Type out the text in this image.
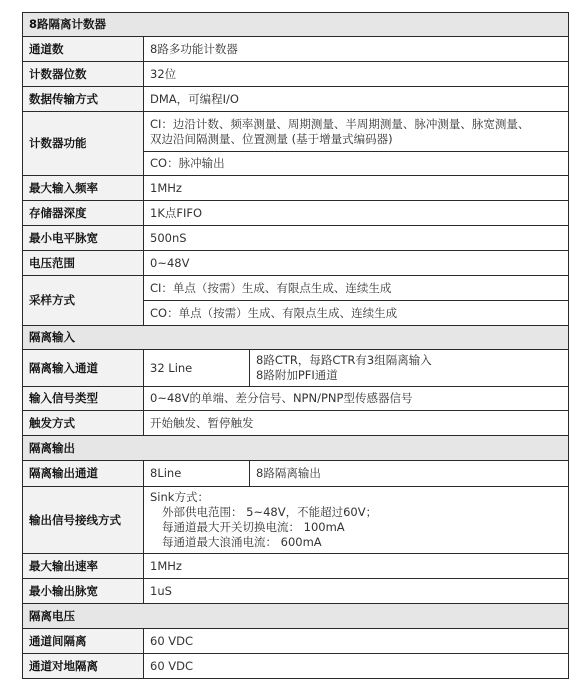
8路隔离计数器		
通道数	8路多功能计数器	
计数器位数	32位	
数据传输方式	DMA，可编程I/O	
计数器功能	CI：边沿计数、频率测量、周期测量、半周期测量、脉冲测量、脉宽测量、
双边沿间隔测量、位置测量 (基于增量式编码器)	

	CO：脉冲输出	
最大输入频率	1MHz	
存储器深度	1K点FIFO	
最小电平脉宽	500nS	
电压范围	0~48V	
采样方式	CI：单点（按需）生成、有限点生成、连续生成	
	CO：单点（按需）生成、有限点生成、连续生成	
隔离输入		
隔离输入通道	32 Line	8路CTR，每路CTR有3组隔离输入
8路附加PFI通道

输入信号类型	0~48V的单端、差分信号、NPN/PNP型传感器信号	
触发方式	开始触发、暂停触发	
隔离输出		
隔离输出通道	8Line	8路隔离输出
输出信号接线方式	Sink方式：
外部供电范围： 5~48V，不能超过60V；
每通道最大开关切换电流： 100mA
每通道最大浪涌电流： 600mA	

最大输出速率	1MHz	
最小输出脉宽	1uS	
隔离电压		
通道间隔离	60 VDC	
通道对地隔离	60 VDC	
